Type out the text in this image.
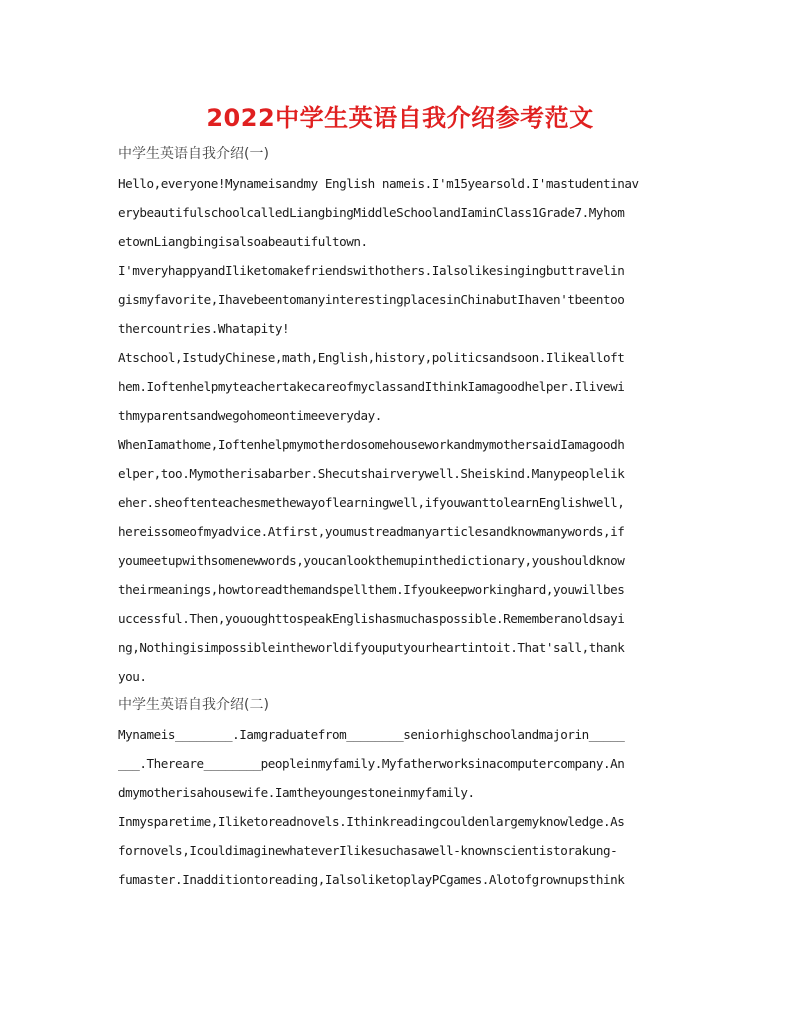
2022中学生英语自我介绍参考范文
中学生英语自我介绍(一)
Hello,everyone!Mynameisandmy English nameis.I'm15yearsold.I'mastudentinav
erybeautifulschoolcalledLiangbingMiddleSchoolandIaminClass1Grade7.Myhom
etownLiangbingisalsoabeautifultown.
I'mveryhappyandIliketomakefriendswithothers.Ialsolikesingingbuttravelin
gismyfavorite,IhavebeentomanyinterestingplacesinChinabutIhaven'tbeentoo
thercountries.Whatapity!
Atschool,IstudyChinese,math,English,history,politicsandsoon.Ilikealloft
hem.IoftenhelpmyteachertakecareofmyclassandIthinkIamagoodhelper.Ilivewi
thmyparentsandwegohomeontimeeveryday.
WhenIamathome,IoftenhelpmymotherdosomehouseworkandmymothersaidIamagoodh
elper,too.Mymotherisabarber.Shecutshairverywell.Sheiskind.Manypeoplelik
eher.sheoftenteachesmethewayoflearningwell,ifyouwanttolearnEnglishwell,
hereissomeofmyadvice.Atfirst,youmustreadmanyarticlesandknowmanywords,if
youmeetupwithsomenewwords,youcanlookthemupinthedictionary,youshouldknow
theirmeanings,howtoreadthemandspellthem.Ifyoukeepworkinghard,youwillbes
uccessful.Then,yououghttospeakEnglishasmuchaspossible.Rememberanoldsayi
ng,Nothingisimpossibleintheworldifyouputyourheartintoit.That'sall,thank
you.
中学生英语自我介绍(二)
Mynameis________.Iamgraduatefrom________seniorhighschoolandmajorin_____
___.Thereare________peopleinmyfamily.Myfatherworksinacomputercompany.An
dmymotherisahousewife.Iamtheyoungestoneinmyfamily.
Inmysparetime,Iliketoreadnovels.Ithinkreadingcouldenlargemyknowledge.As
fornovels,IcouldimaginewhateverIlikesuchasawell-knownscientistorakung-
fumaster.Inadditiontoreading,IalsoliketoplayPCgames.Alotofgrownupsthink
